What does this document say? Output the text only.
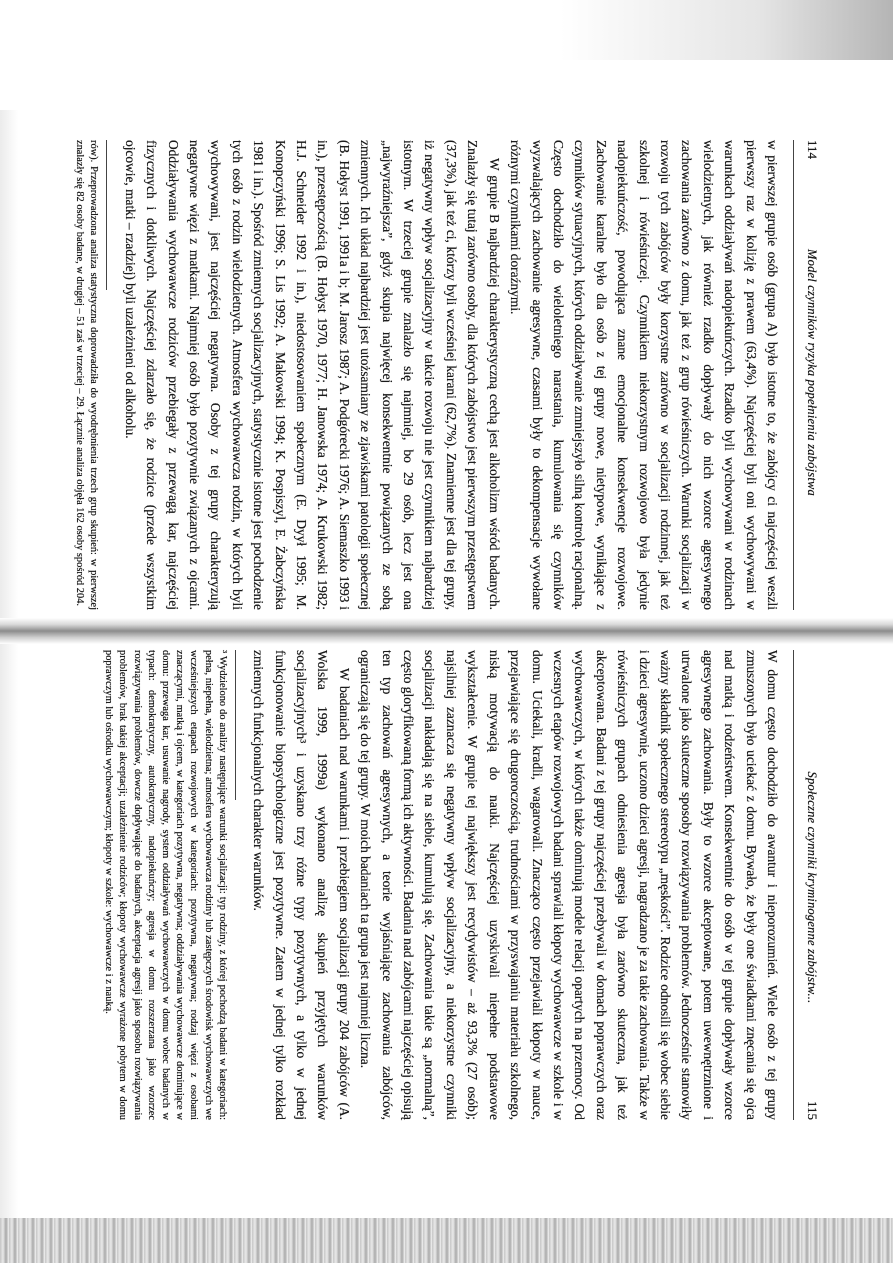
114
Model czynników ryzyka popełnienia zabójstwa

w pierwszej grupie osób (grupa A) było istotne to, że zabójcy ci najczęściej weszli pierwszy raz w kolizję z prawem (63,4%). Najczęściej byli oni wychowywani w warunkach oddziaływań nadopiekuńczych. Rzadko byli wychowywani w rodzinach wielodzietnych, jak również rzadko dopływały do nich wzorce agresywnego zachowania zarówno z domu, jak też z grup rówieśniczych. Warunki socjalizacji w rozwoju tych zabójców były korzystne zarówno w socjalizacji rodzinnej, jak też szkolnej i rówieśniczej. Czynnikiem niekorzystnym rozwojowo była jedynie nadopiekuńczość, powodująca znane emocjonalne konsekwencje rozwojowe. Zachowanie karalne było dla osób z tej grupy nowe, nietypowe, wynikające z czynników sytuacyjnych, których oddziaływanie zmniejszyło silną kontrolę racjonalną. Często dochodziło do wieloletniego narastania, kumulowania się czynników wyzwalających zachowanie agresywne, czasami były to dekompensacje wywołane różnymi czynnikami doraźnymi.

W grupie B najbardziej charakterystyczną cechą jest alkoholizm wśród badanych. Znalazły się tutaj zarówno osoby, dla których zabójstwo jest pierwszym przestępstwem (37,3%), jak też ci, którzy byli wcześniej karani (62,7%). Znamienne jest dla tej grupy, iż negatywny wpływ socjalizacyjny w takcie rozwoju nie jest czynnikiem najbardziej istotnym. W trzeciej grupie znalazło się najmniej, bo 29 osób, lecz jest ona „najwyraźniejsza”, gdyż skupia najwięcej konsekwentnie powiązanych ze sobą zmiennych. Ich układ najbardziej jest utożsamiany ze zjawiskami patologii społecznej (B. Hołyst 1991, 1991a i b; M. Jarosz 1987; A. Podgórecki 1976; A. Siemaszko 1993 i in.), przestępczością (B. Hołyst 1970, 1977; H. Janowska 1974; A. Krukowski 1982; H.J. Schneider 1992 i in.), niedostosowaniem społecznym (E. Dyył 1995; M. Konopczyński 1996; S. Lis 1992; A. Makowski 1994; K. Pospiszyl, E. Żabczyńska 1981 i in.). Spośród zmiennych socjalizacyjnych, statystycznie istotne jest pochodzenie tych osób z rodzin wielodzietnych. Atmosfera wychowawcza rodzin, w których byli wychowywani, jest najczęściej negatywna. Osoby z tej grupy charakteryzują negatywne więzi z matkami. Najmniej osób było pozytywnie związanych z ojcami. Oddziaływania wychowawcze rodziców przebiegały z przewagą kar, najczęściej fizycznych i dotkliwych. Najczęściej zdarzało się, że rodzice (przede wszystkim ojcowie, matki – rzadziej) byli uzależnieni od alkoholu.

rów). Przeprowadzona analiza statystyczna doprowadziła do wyodrębnienia trzech grup skupień: w pierwszej znalazły się 82 osoby badane, w drugiej – 51 zaś w trzeciej – 29. Łącznie analiza objęła 162 osoby spośród 204.

Społeczne czynniki kryminogenne zabójstw...
115

W domu często dochodziło do awantur i nieporozumień. Wiele osób z tej grupy zmuszonych było uciekać z domu. Bywało, że były one świadkami znęcania się ojca nad matką i rodzeństwem. Konsekwentnie do osób w tej grupie dopływały wzorce agresywnego zachowania. Były to wzorce akceptowane, potem uwewnętrznione i utrwalone jako skuteczne sposoby rozwiązywania problemów. Jednocześnie stanowiły ważny składnik społecznego stereotypu „męskości”. Rodzice odnosili się wobec siebie i dzieci agresywnie, uczono dzieci agresji, nagradzano je za takie zachowania. Także w rówieśniczych grupach odniesienia agresja była zarówno skuteczna, jak też akceptowana. Badani z tej grupy najczęściej przebywali w domach poprawczych oraz wychowawczych, w których także dominują modele relacji opartych na przemocy. Od wczesnych etapów rozwojowych badani sprawiali kłopoty wychowawcze w szkole i w domu. Uciekali, kradli, wagarowali. Znacząco często przejawiali kłopoty w nauce, przejawiające się drugoroczością, trudnościami w przyswajaniu materiału szkolnego, niską motywacją do nauki. Najczęściej uzyskiwali niepełne podstawowe wykształcenie. W grupie tej największy jest recydywistów – aż 93,3% (27 osób); najsilniej zaznacza się negatywny wpływ socjalizacyjny, a niekorzystne czynniki socjalizacji nakładają się na siebie, kumulują się. Zachowania takie są „normalną”, często gloryfikowaną formą ich aktywności. Badania nad zabójcami najczęściej opisują ten typ zachowań agresywnych, a teorie wyjaśniające zachowania zabójców, ograniczają się do tej grupy. W moich badaniach ta grupa jest najmniej liczna.

W badaniach nad warunkami i przebiegiem socjalizacji grupy 204 zabójców (A. Wolska 1999, 1999a) wykonano analizę skupień przyjętych warunków socjalizacyjnych³ i uzyskano trzy różne typy pozytywnych, a tylko w jednej funkcjonowanie biopsychologiczne jest pozytywne. Zatem w jednej tylko rozkład zmiennych funkcjonalnych charakter warunków.

³ Wydzielono do analizy następujące warunki socjalizacji: typ rodziny, z której pochodzą badani w kategoriach: pełna, niepełna, wielodzietna; atmosfera wychowawcza rodziny lub zastępczych środowisk wychowawczych we wcześniejszych etapach rozwojowych w kategoriach: pozytywna, negatywna; rodzaj więzi z osobami znaczącymi, matką i ojcem, w kategoriach pozytywna, negatywna; oddziaływania wychowawcze dominujące w domu: przewaga kar, usuwanie nagrody, system oddziaływań wychowawczych w domu wobec badanych w typach: demokratyczny, autokratyczny, nadopiekuńczy; agresja w domu rozszerzana jako wzorzec rozwiązywania problemów, dowcze dopływające do badanych, akceptacja agresji jako sposobu rozwiązywania problemów, brak takiej akceptacji; uzależnienie rodziców; kłopoty wychowawcze wyrażone pobytem w domu poprawczym lub ośrodku wychowawczym; kłopoty w szkole: wychowawcze i z nauką.
